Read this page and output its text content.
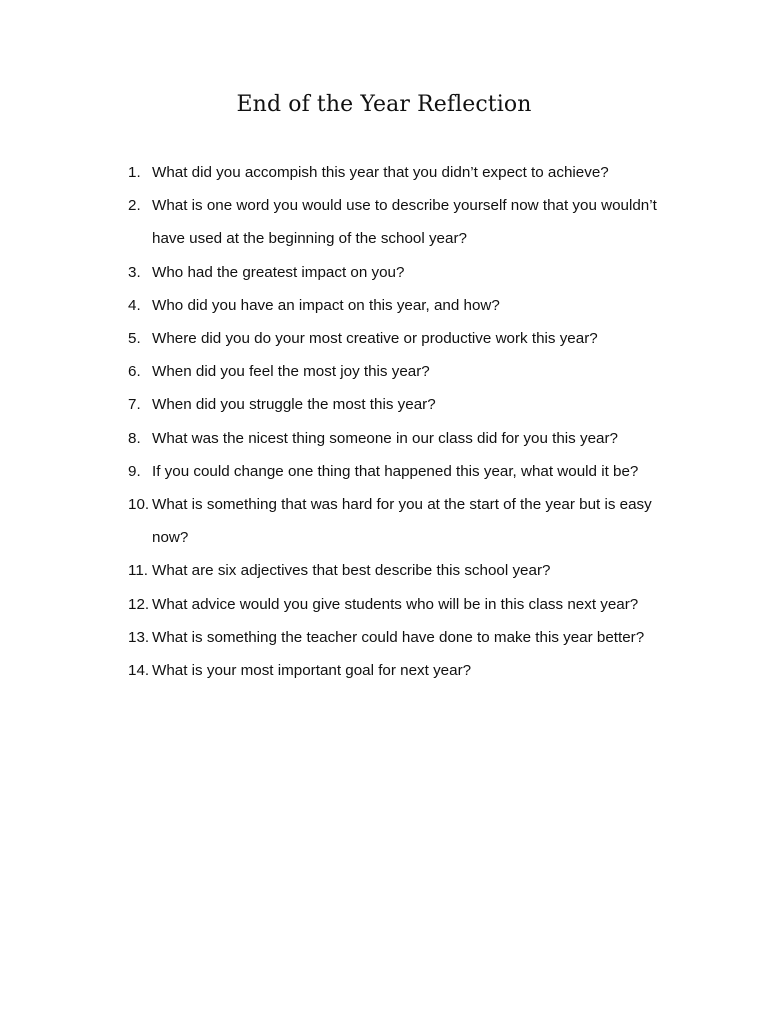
End of the Year Reflection
1. What did you accompish this year that you didn’t expect to achieve?
2. What is one word you would use to describe yourself now that you wouldn’t have used at the beginning of the school year?
3. Who had the greatest impact on you?
4. Who did you have an impact on this year, and how?
5. Where did you do your most creative or productive work this year?
6. When did you feel the most joy this year?
7. When did you struggle the most this year?
8. What was the nicest thing someone in our class did for you this year?
9. If you could change one thing that happened this year, what would it be?
10. What is something that was hard for you at the start of the year but is easy now?
11. What are six adjectives that best describe this school year?
12. What advice would you give students who will be in this class next year?
13. What is something the teacher could have done to make this year better?
14. What is your most important goal for next year?
